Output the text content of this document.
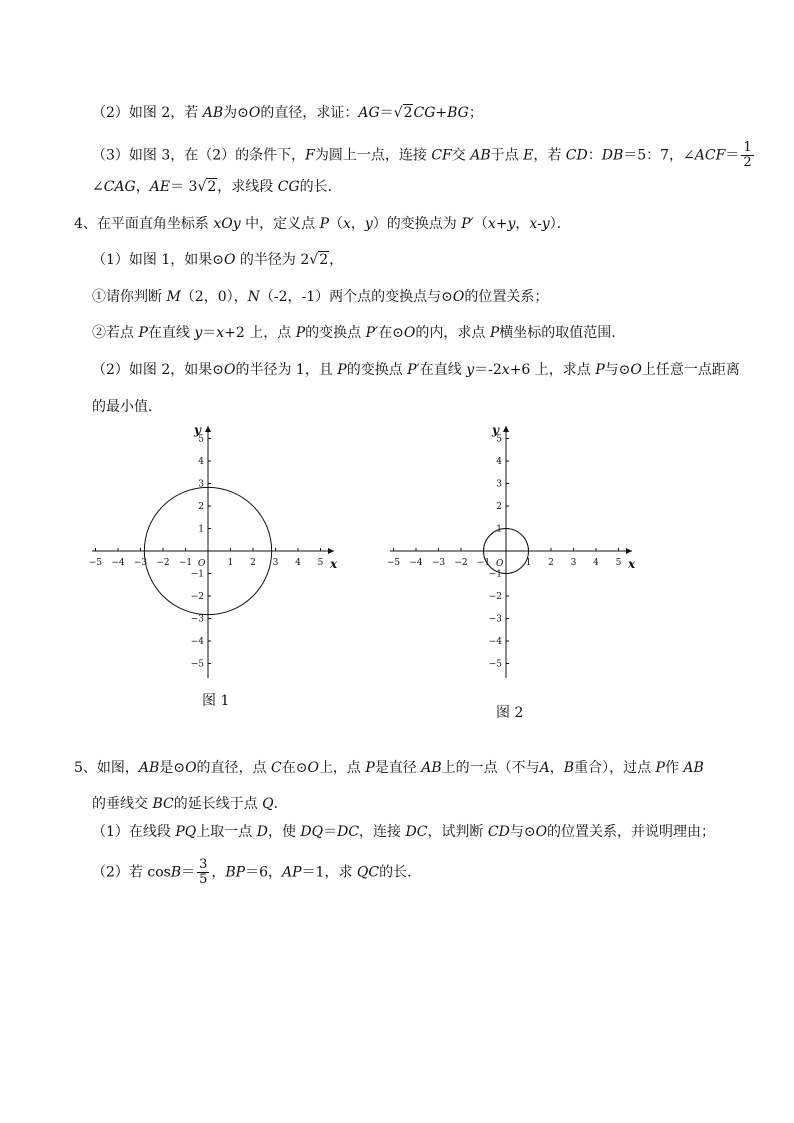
（2）如图 2，若 AB为⊙O的直径，求证：AG＝√2CG+BG；
（3）如图 3，在（2）的条件下，F为圆上一点，连接 CF交 AB于点 E，若 CD：DB＝5：7，∠ACF＝ $\frac{1}{2}$
∠CAG，AE＝ 3√2，求线段 CG的长．
4、在平面直角坐标系 xOy 中，定义点 P（x，y）的变换点为 P′（x+y，x-y）．
（1）如图 1，如果⊙O 的半径为 2√2，
①请你判断 M（2，0），N（-2，-1）两个点的变换点与⊙O的位置关系；
②若点 P在直线 y＝x+2 上，点 P的变换点 P′在⊙O的内，求点 P横坐标的取值范围．
（2）如图 2，如果⊙O的半径为 1，且 P的变换点 P′在直线 y＝-2x+6 上，求点 P与⊙O上任意一点距离
的最小值．
−5 −4 −3 −2 −1	1 2 3 4 5
5
4
3
2
1
−1
−2
−3
−4
−5
x
y
O
图 1
−5 −4 −3 −2 −1	1 2 3 4 5
5
4
3
2
1
−1
−2
−3
−4
−5
x
y
O
图 2
5、如图，AB是⊙O的直径，点 C在⊙O上，点 P是直径 AB上的一点（不与A，B重合），过点 P作 AB
的垂线交 BC的延长线于点 Q．
（1）在线段 PQ上取一点 D，使 DQ＝DC，连接 DC，试判断 CD与⊙O的位置关系，并说明理由；
（2）若 $\cos B= \frac{3}{5}$ ，BP＝6，AP＝1，求 QC的长．
